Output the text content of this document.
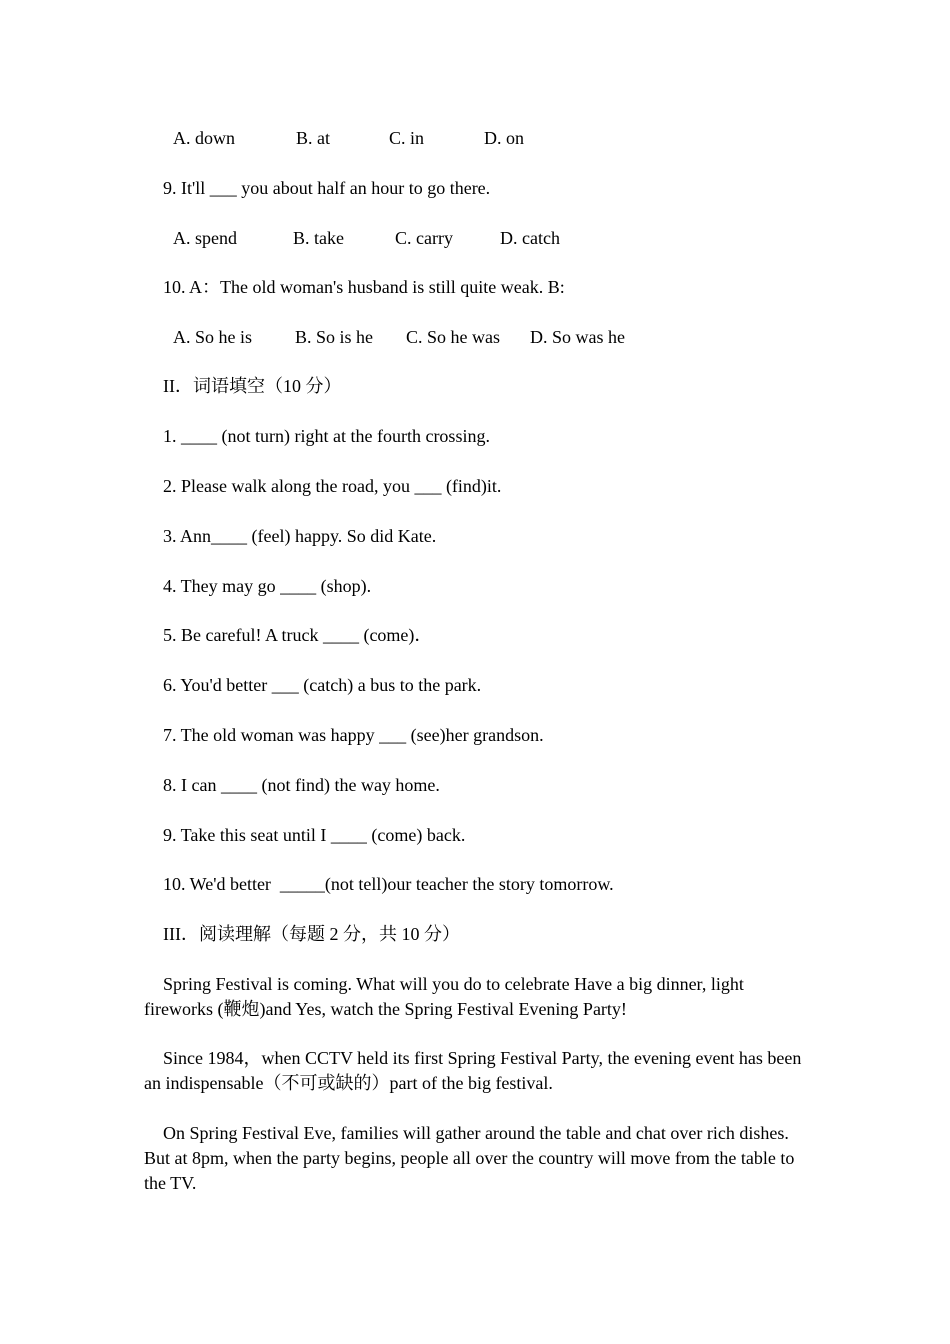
A. down	B. at	C. in	D. on
9. It'll ___ you about half an hour to go there.
A. spend	B. take	C. carry	D. catch
10. A：The old woman's husband is still quite weak. B:
A. So he is B. So is he C. So he was D. So was he
II．词语填空（10 分）
1. ____ (not turn) right at the fourth crossing.
2. Please walk along the road, you ___ (find)it.
3. Ann____ (feel) happy. So did Kate.
4. They may go ____ (shop).
5. Be careful! A truck ____ (come)．
6. You'd better ___ (catch) a bus to the park.
7. The old woman was happy ___ (see)her grandson.
8. I can ____ (not find) the way home.
9. Take this seat until I ____ (come) back.
10. We'd better  _____(not tell)our teacher the story tomorrow.
III．阅读理解（每题 2 分，共 10 分）
Spring Festival is coming. What will you do to celebrate Have a big dinner, light fireworks (鞭炮)and Yes, watch the Spring Festival Evening Party!
Since 1984，when CCTV held its first Spring Festival Party, the evening event has been an indispensable（不可或缺的）part of the big festival.
On Spring Festival Eve, families will gather around the table and chat over rich dishes. But at 8pm, when the party begins, people all over the country will move from the table to the TV.
